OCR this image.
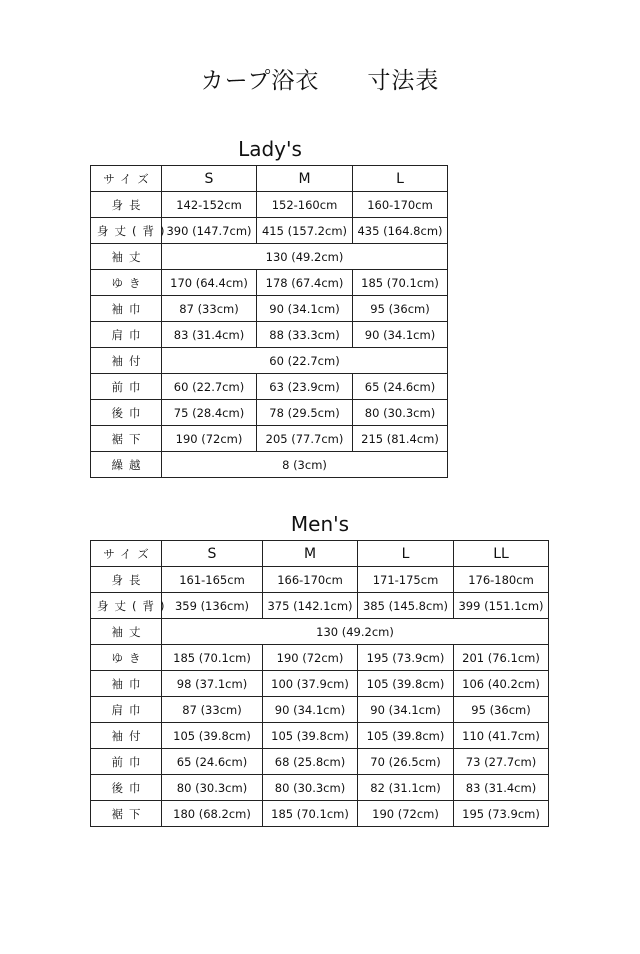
カープ浴衣　　寸法表
Lady's
サイズ	S	M	L
身長	142-152cm	152-160cm	160-170cm
身丈(背)	390 (147.7cm)	415 (157.2cm)	435 (164.8cm)
袖丈	130 (49.2cm)		
ゆき	170 (64.4cm)	178 (67.4cm)	185 (70.1cm)
袖巾	87 (33cm)	90 (34.1cm)	95 (36cm)
肩巾	83 (31.4cm)	88 (33.3cm)	90 (34.1cm)
袖付	60 (22.7cm)		
前巾	60 (22.7cm)	63 (23.9cm)	65 (24.6cm)
後巾	75 (28.4cm)	78 (29.5cm)	80 (30.3cm)
裾下	190 (72cm)	205 (77.7cm)	215 (81.4cm)
繰越	8 (3cm)		
Men's
サイズ	S	M	L	LL
身長	161-165cm	166-170cm	171-175cm	176-180cm
身丈(背)	359 (136cm)	375 (142.1cm)	385 (145.8cm)	399 (151.1cm)
袖丈	130 (49.2cm)			
ゆき	185 (70.1cm)	190 (72cm)	195 (73.9cm)	201 (76.1cm)
袖巾	98 (37.1cm)	100 (37.9cm)	105 (39.8cm)	106 (40.2cm)
肩巾	87 (33cm)	90 (34.1cm)	90 (34.1cm)	95 (36cm)
袖付	105 (39.8cm)	105 (39.8cm)	105 (39.8cm)	110 (41.7cm)
前巾	65 (24.6cm)	68 (25.8cm)	70 (26.5cm)	73 (27.7cm)
後巾	80 (30.3cm)	80 (30.3cm)	82 (31.1cm)	83 (31.4cm)
裾下	180 (68.2cm)	185 (70.1cm)	190 (72cm)	195 (73.9cm)
